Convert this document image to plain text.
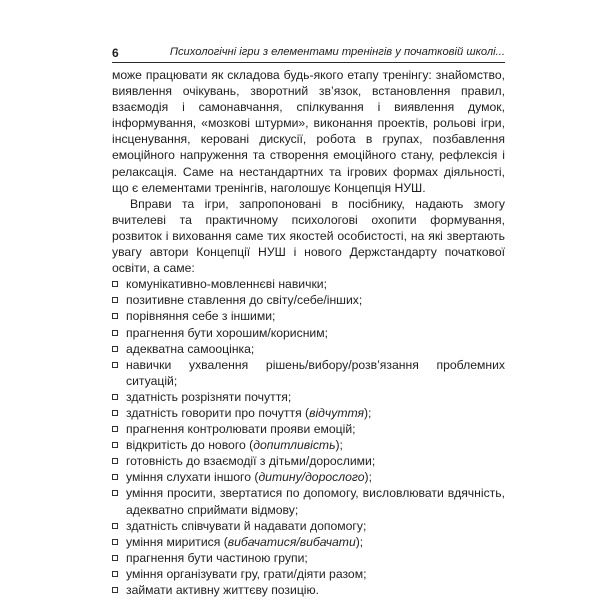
6	Психологічні ігри з елементами тренінгів у початковій школі...

може працювати як складова будь-якого етапу тренінгу: знайомство, виявлення очікувань, зворотний зв’язок, встановлення правил, взаємодія і самонавчання, спілкування і виявлення думок, інформування, «мозкові штурми», виконання проектів, рольові ігри, інсценування, керовані дискусії, робота в групах, позбавлення емоційного напруження та створення емоційного стану, рефлексія і релаксація. Саме на нестандартних та ігрових формах діяльності, що є елементами тренінгів, наголошує Концепція НУШ.

Вправи та ігри, запропоновані в посібнику, надають змогу вчителеві та практичному психологові охопити формування, розвиток і виховання саме тих якостей особистості, на які звертають увагу автори Концепції НУШ і нового Держстандарту початкової освіти, а саме:

комунікативно-мовленнєві навички;
позитивне ставлення до світу/себе/інших;
порівняння себе з іншими;
прагнення бути хорошим/корисним;
адекватна самооцінка;
навички ухвалення рішень/вибору/розв’язання проблемних ситуацій;
здатність розрізняти почуття;
здатність говорити про почуття (відчуття);
прагнення контролювати прояви емоцій;
відкритість до нового (допитливість);
готовність до взаємодії з дітьми/дорослими;
уміння слухати іншого (дитину/дорослого);
уміння просити, звертатися по допомогу, висловлювати вдячність, адекватно сприймати відмову;
здатність співчувати й надавати допомогу;
уміння миритися (вибачатися/вибачати);
прагнення бути частиною групи;
уміння організувати гру, грати/діяти разом;
займати активну життєву позицію.
